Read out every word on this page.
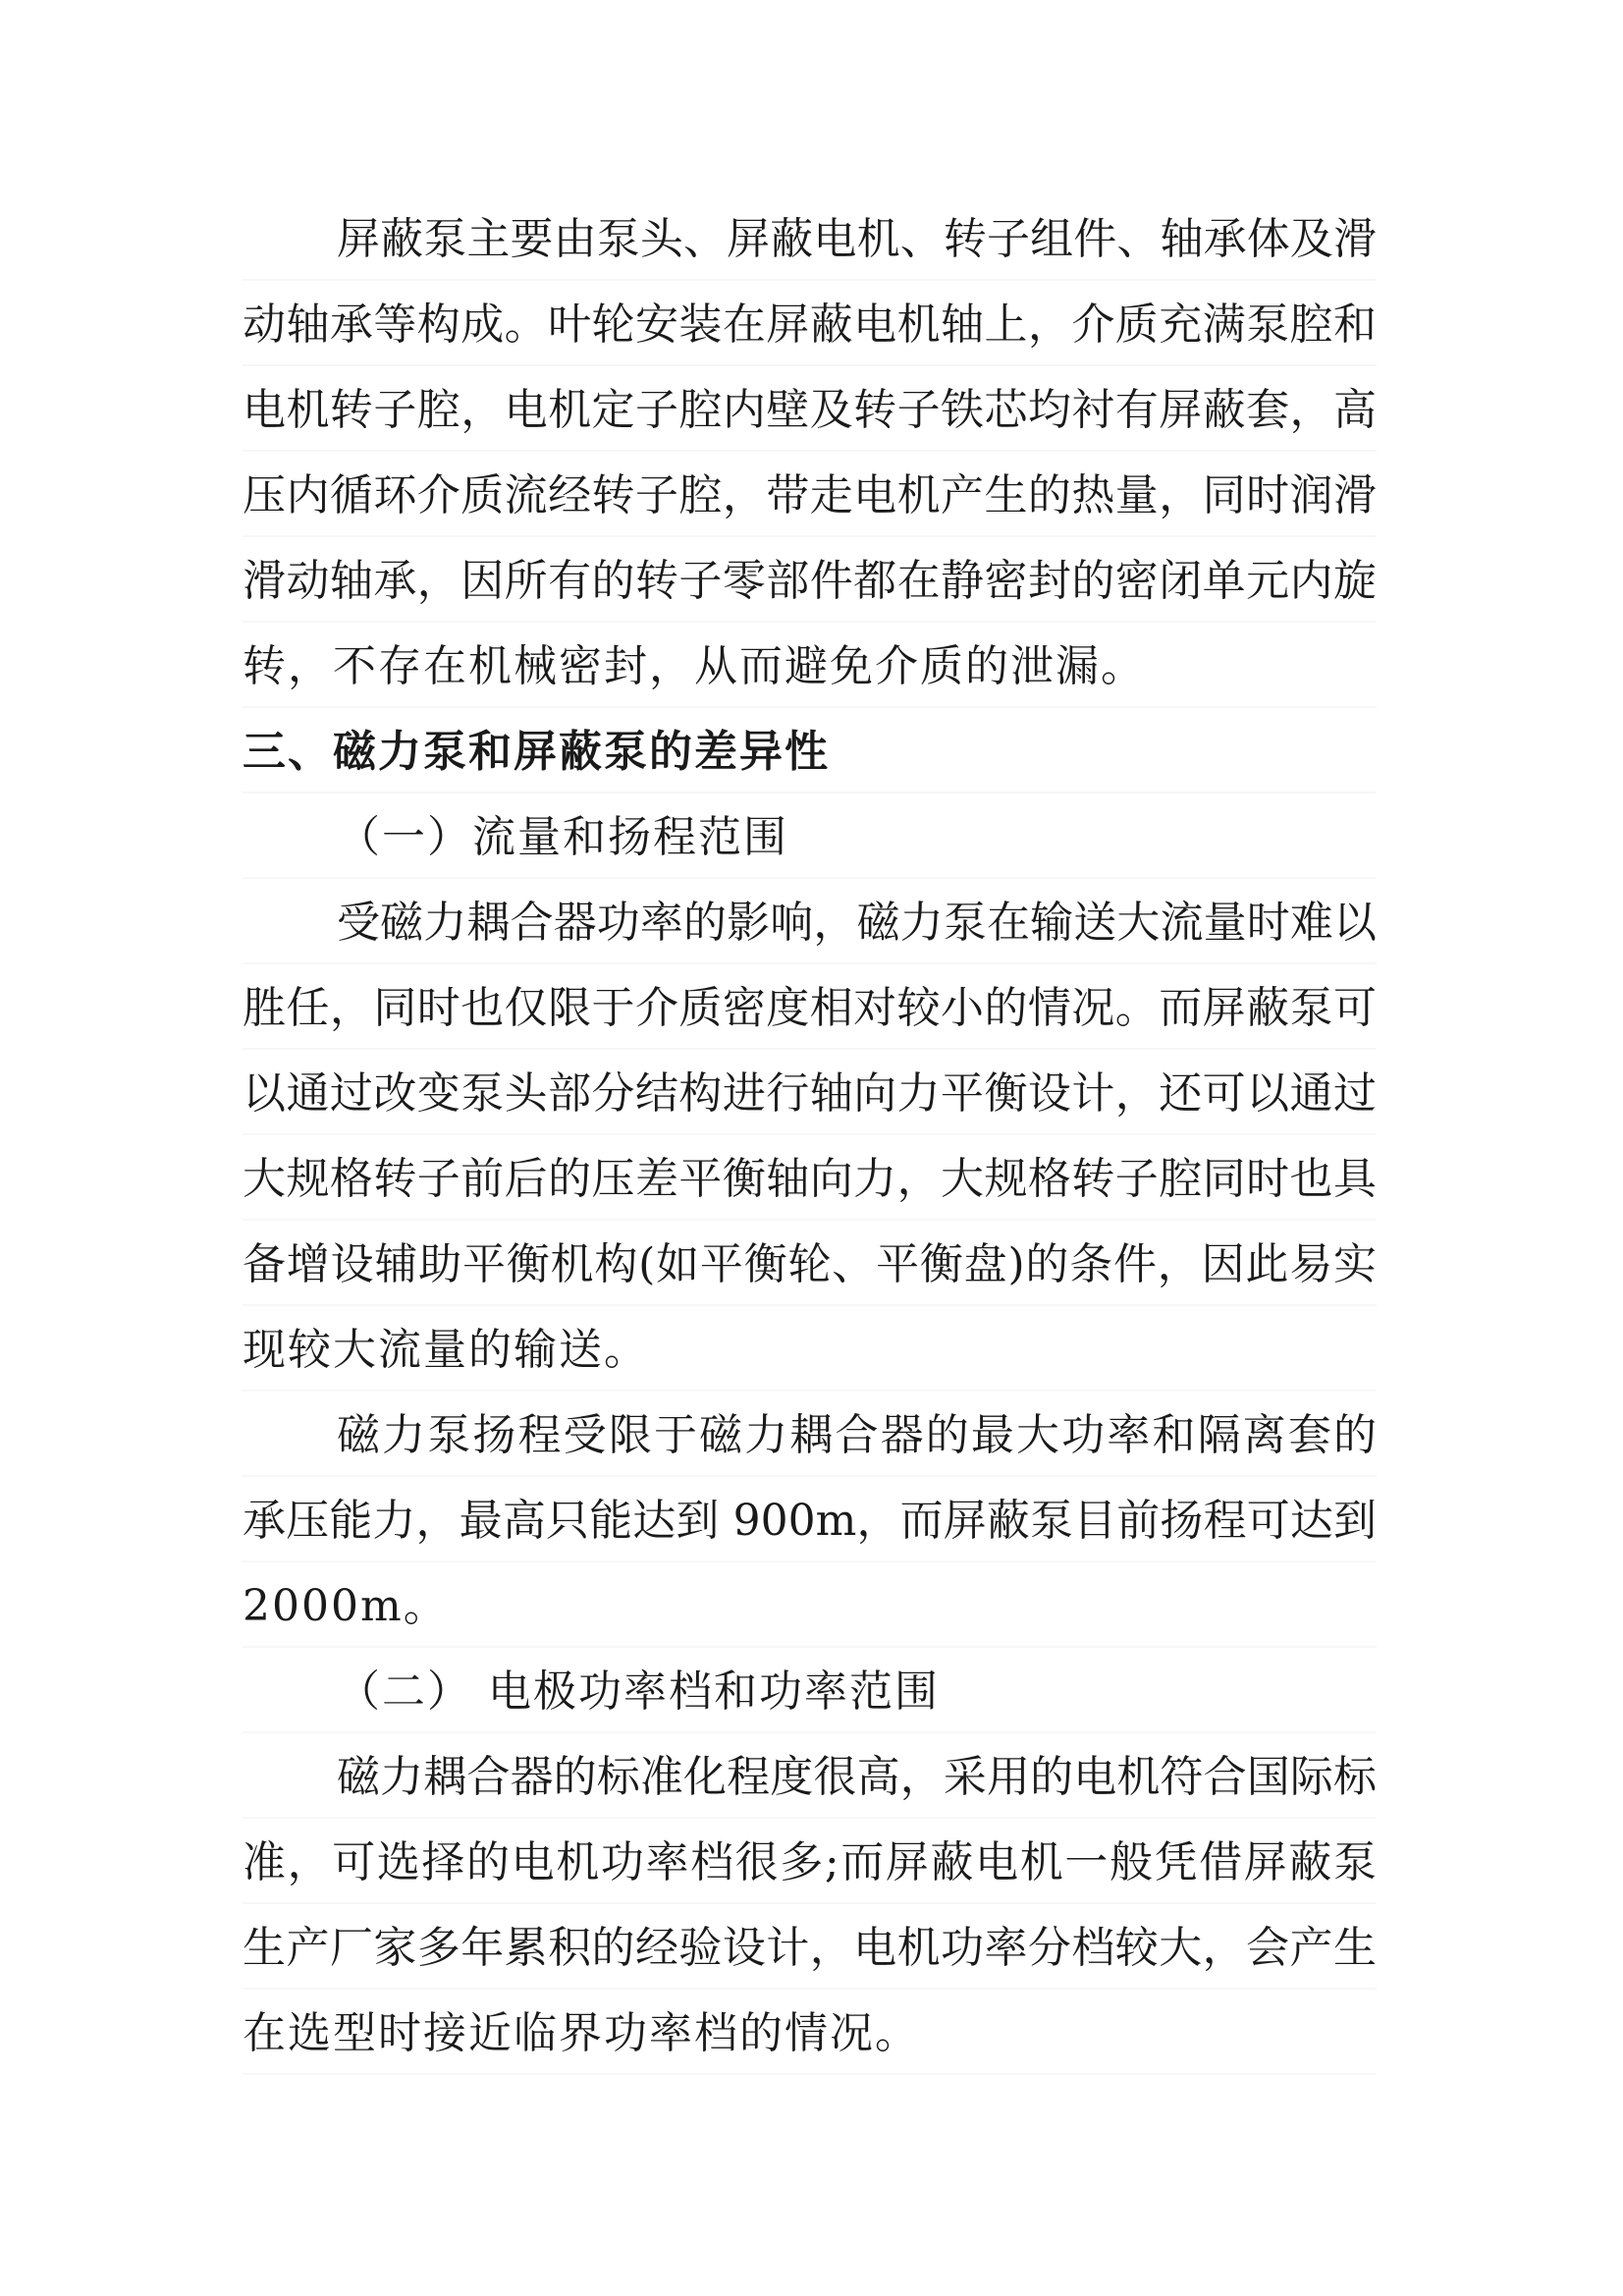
屏蔽泵主要由泵头、屏蔽电机、转子组件、轴承体及滑
动轴承等构成。叶轮安装在屏蔽电机轴上，介质充满泵腔和
电机转子腔，电机定子腔内壁及转子铁芯均衬有屏蔽套，高
压内循环介质流经转子腔，带走电机产生的热量，同时润滑
滑动轴承，因所有的转子零部件都在静密封的密闭单元内旋
转，不存在机械密封，从而避免介质的泄漏。
三、磁力泵和屏蔽泵的差异性
（一）流量和扬程范围
受磁力耦合器功率的影响，磁力泵在输送大流量时难以
胜任，同时也仅限于介质密度相对较小的情况。而屏蔽泵可
以通过改变泵头部分结构进行轴向力平衡设计，还可以通过
大规格转子前后的压差平衡轴向力，大规格转子腔同时也具
备增设辅助平衡机构(如平衡轮、平衡盘)的条件，因此易实
现较大流量的输送。
磁力泵扬程受限于磁力耦合器的最大功率和隔离套的
承压能力，最高只能达到 900m，而屏蔽泵目前扬程可达到
2000m。
（二） 电极功率档和功率范围
磁力耦合器的标准化程度很高，采用的电机符合国际标
准，可选择的电机功率档很多;而屏蔽电机一般凭借屏蔽泵
生产厂家多年累积的经验设计，电机功率分档较大，会产生
在选型时接近临界功率档的情况。
